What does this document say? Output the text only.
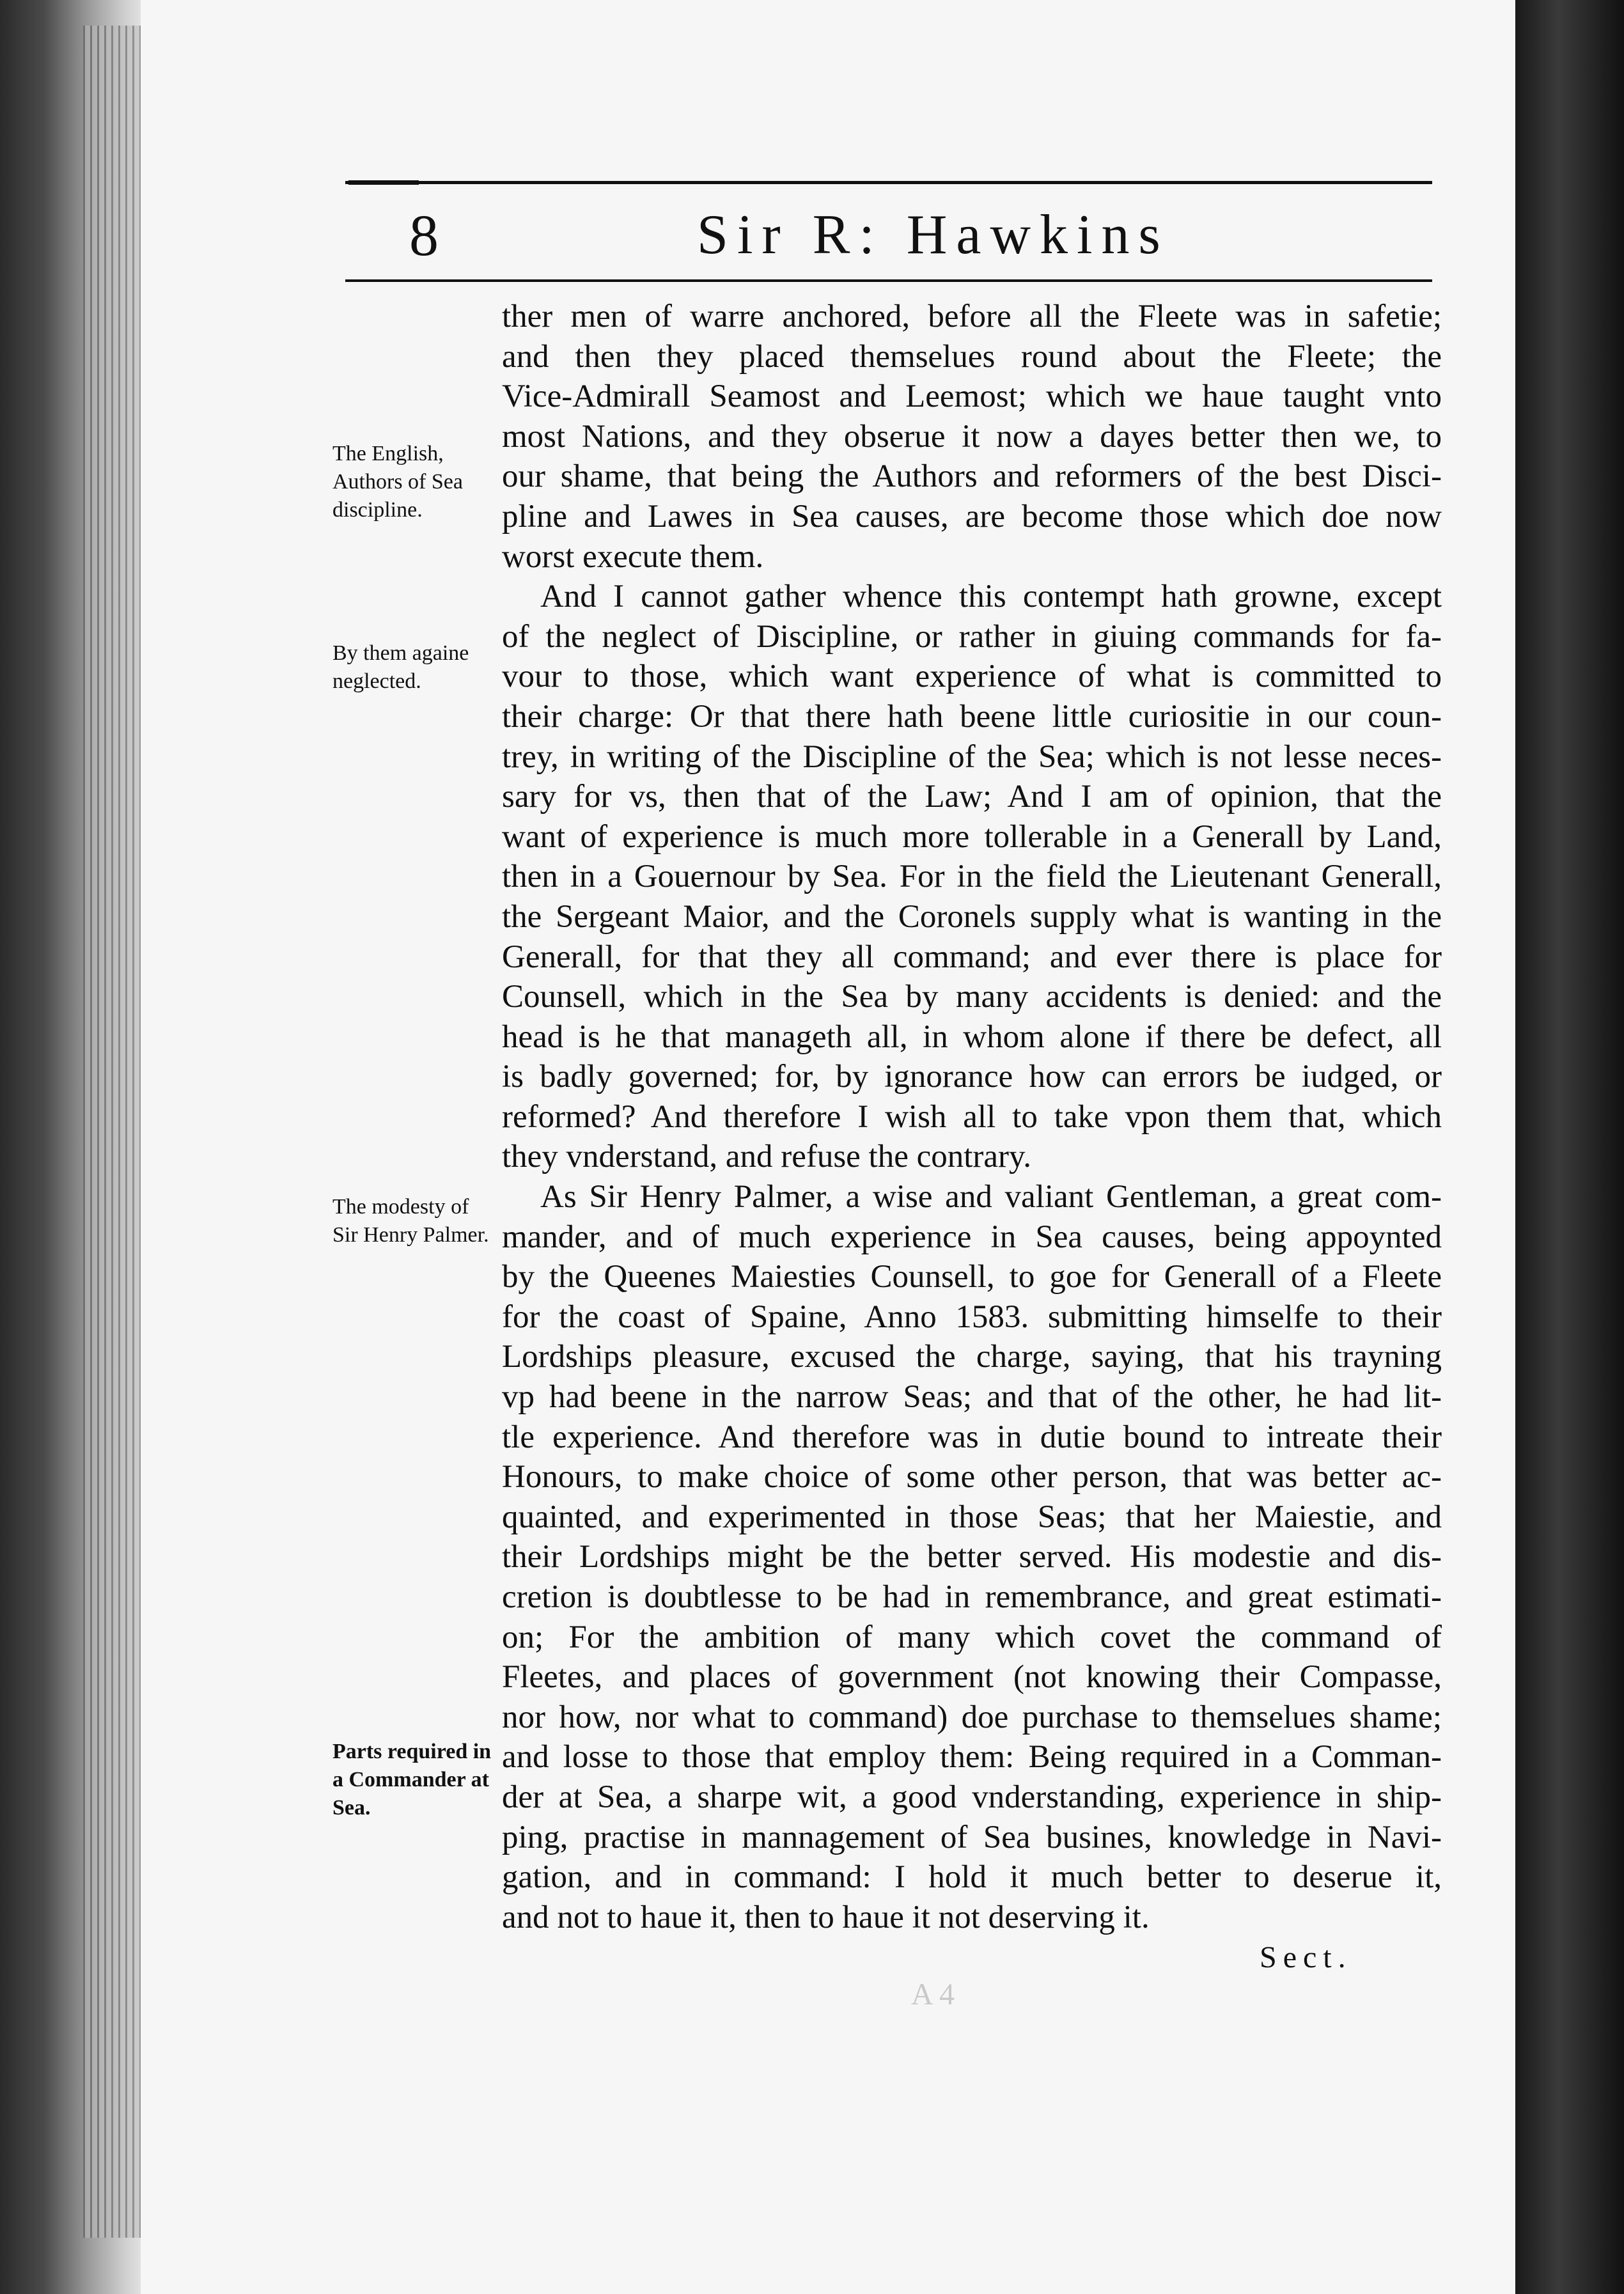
8	Sir R: Hawkins
The English, Authors of Sea discipline.
By them againe neglected.
The modesty of Sir Henry Palmer.
Parts required in a Commander at Sea.
ther men of warre anchored, before all the Fleete was in safetie;
and then they placed themselues round about the Fleete; the
Vice-Admirall Seamost and Leemost; which we haue taught vnto
most Nations, and they obserue it now a dayes better then we, to
our shame, that being the Authors and reformers of the best Disci-
pline and Lawes in Sea causes, are become those which doe now
worst execute them.
And I cannot gather whence this contempt hath growne, except
of the neglect of Discipline, or rather in giuing commands for fa-
vour to those, which want experience of what is committed to
their charge: Or that there hath beene little curiositie in our coun-
trey, in writing of the Discipline of the Sea; which is not lesse neces-
sary for vs, then that of the Law; And I am of opinion, that the
want of experience is much more tollerable in a Generall by Land,
then in a Gouernour by Sea. For in the field the Lieutenant Generall,
the Sergeant Maior, and the Coronels supply what is wanting in the
Generall, for that they all command; and ever there is place for
Counsell, which in the Sea by many accidents is denied: and the
head is he that manageth all, in whom alone if there be defect, all
is badly governed; for, by ignorance how can errors be iudged, or
reformed? And therefore I wish all to take vpon them that, which
they vnderstand, and refuse the contrary.
As Sir Henry Palmer, a wise and valiant Gentleman, a great com-
mander, and of much experience in Sea causes, being appoynted
by the Queenes Maiesties Counsell, to goe for Generall of a Fleete
for the coast of Spaine, Anno 1583. submitting himselfe to their
Lordships pleasure, excused the charge, saying, that his trayning
vp had beene in the narrow Seas; and that of the other, he had lit-
tle experience. And therefore was in dutie bound to intreate their
Honours, to make choice of some other person, that was better ac-
quainted, and experimented in those Seas; that her Maiestie, and
their Lordships might be the better served. His modestie and dis-
cretion is doubtlesse to be had in remembrance, and great estimati-
on; For the ambition of many which covet the command of
Fleetes, and places of government (not knowing their Compasse,
nor how, nor what to command) doe purchase to themselues shame;
and losse to those that employ them: Being required in a Comman-
der at Sea, a sharpe wit, a good vnderstanding, experience in ship-
ping, practise in mannagement of Sea busines, knowledge in Navi-
gation, and in command: I hold it much better to deserue it,
and not to haue it, then to haue it not deserving it.
Sect.
A 4
